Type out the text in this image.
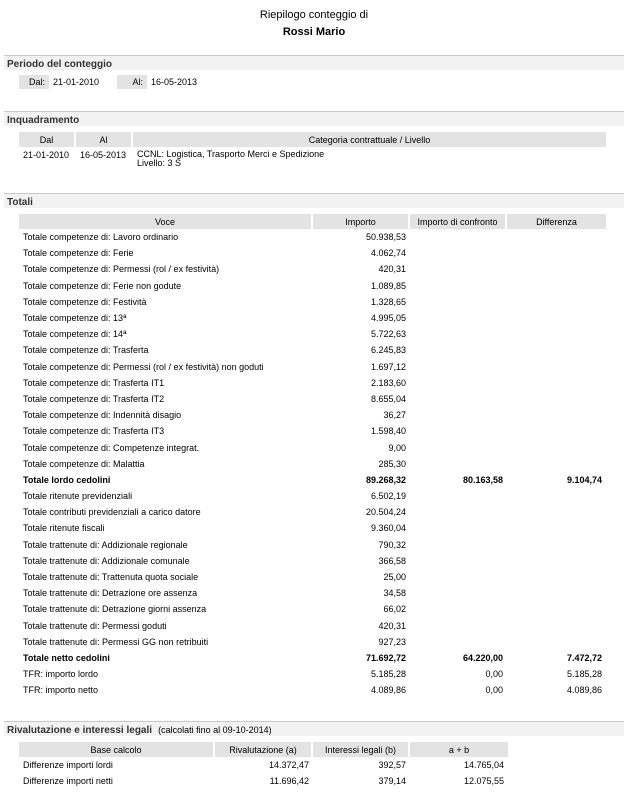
Riepilogo conteggio di
Rossi Mario
Periodo del conteggio
Dal: 21-01-2010	Al: 16-05-2013
Inquadramento
Dal	Al	Categoria contrattuale / Livello
21-01-2010	16-05-2013	CCNL: Logistica, Trasporto Merci e Spedizione
Livello: 3 S
Totali
Voce	Importo	Importo di confronto	Differenza
Totale competenze di: Lavoro ordinario	50.938,53		
Totale competenze di: Ferie	4.062,74		
Totale competenze di: Permessi (rol / ex festività)	420,31		
Totale competenze di: Ferie non godute	1.089,85		
Totale competenze di: Festività	1.328,65		
Totale competenze di: 13ª	4.995,05		
Totale competenze di: 14ª	5.722,63		
Totale competenze di: Trasferta	6.245,83		
Totale competenze di: Permessi (rol / ex festività) non goduti	1.697,12		
Totale competenze di: Trasferta IT1	2.183,60		
Totale competenze di: Trasferta IT2	8.655,04		
Totale competenze di: Indennità disagio	36,27		
Totale competenze di: Trasferta IT3	1.598,40		
Totale competenze di: Competenze integrat.	9,00		
Totale competenze di: Malattia	285,30		
Totale lordo cedolini	89.268,32	80.163,58	9.104,74
Totale ritenute previdenziali	6.502,19		
Totale contributi previdenziali a carico datore	20.504,24		
Totale ritenute fiscali	9.360,04		
Totale trattenute di: Addizionale regionale	790,32		
Totale trattenute di: Addizionale comunale	366,58		
Totale trattenute di: Trattenuta quota sociale	25,00		
Totale trattenute di: Detrazione ore assenza	34,58		
Totale trattenute di: Detrazione giorni assenza	66,02		
Totale trattenute di: Permessi goduti	420,31		
Totale trattenute di: Permessi GG non retribuiti	927,23		
Totale netto cedolini	71.692,72	64.220,00	7.472,72
TFR: importo lordo	5.185,28	0,00	5.185,28
TFR: importo netto	4.089,86	0,00	4.089,86
Rivalutazione e interessi legali (calcolati fino al 09-10-2014)
Base calcolo	Rivalutazione (a)	Interessi legali (b)	a + b
Differenze importi lordi	14.372,47	392,57	14.765,04
Differenze importi netti	11.696,42	379,14	12.075,55
